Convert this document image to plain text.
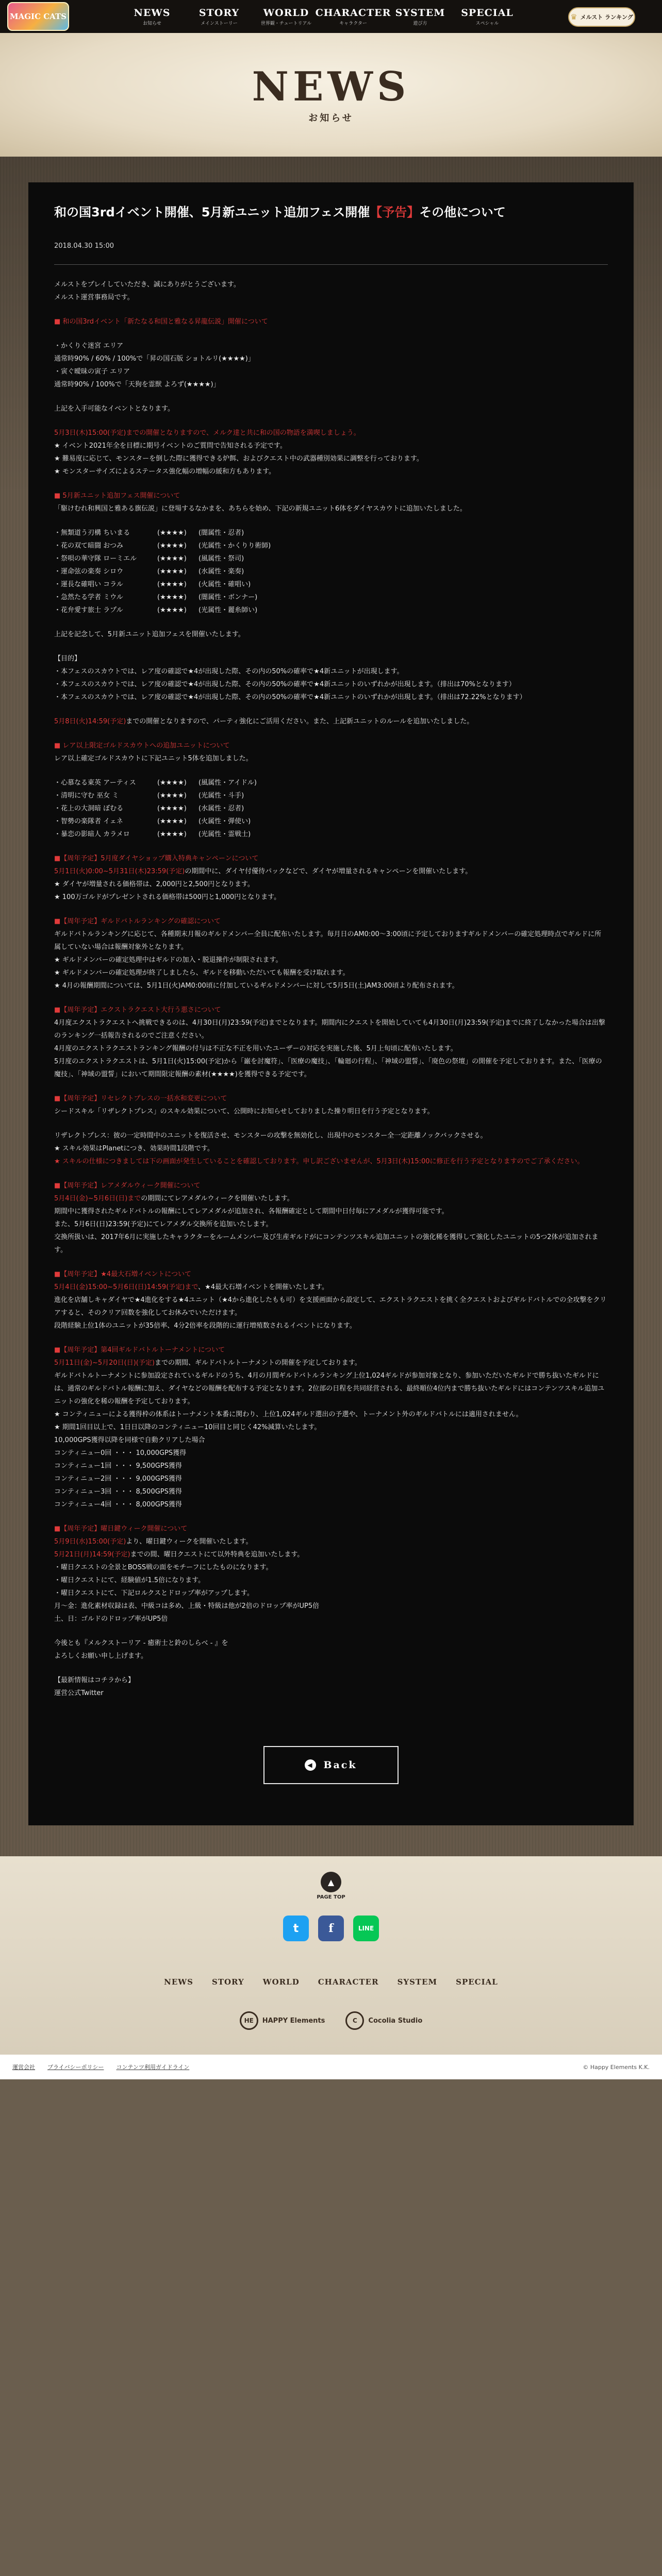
MAGIC CATS	NEWS
お知らせ
STORY
メインストーリー
WORLD
世界観・チュートリアル
CHARACTER
キャラクター
SYSTEM
遊び方
SPECIAL
スペシャル
♛ メルスト ランキング
NEWS
お知らせ
和の国3rdイベント開催、5月新ユニット追加フェス開催【予告】その他について
2018.04.30 15:00
メルストをプレイしていただき、誠にありがとうございます。
メルスト運営事務局です。
■ 和の国3rdイベント「新たなる和国と雅なる昇龍伝説」開催について
・かくりぐ迷宮 エリア
通常時90% / 60% / 100%で「昇の国石版 ショトルリ(★★★★)」
・寅ぐ曖昧の寅子 エリア
通常時90% / 100%で「天狗を霊獣 よろず(★★★★)」
上記を入手可能なイベントとなります。
5月3日(木)15:00(予定)までの開催となりますので、メルク達と共に和の国の物語を満喫しましょう。
★ イベント2021年全を目標に期号イベントのご質問で告知される予定です。
★ 難易度に応じて、モンスターを倒した際に獲得できる炉餌、およびクエスト中の武器種別効果に調整を行っております。
★ モンスターサイズによるステータス強化幅の増幅の緩和方もあります。
■ 5月新ユニット追加フェス開催について
「駆けむれ和興国と雅ある旗伝説」に登場するなかまを、あちらを始め、下記の新規ユニット6体をダイヤスカウトに追加いたしました。
・無類道う刃構 ちいまる	(★★★★)	(闇属性・忍者)
・花の双て暗闘 おつみ	(★★★★)	(光属性・かくりり術師)
・祭唄の華守隊 ローミエル	(★★★★)	(風属性・祭司)
・運命弦の楽奏 シロウ	(★★★★)	(水属性・楽奏)
・運長な確唱い コラル	(★★★★)	(火属性・確唱い)
・急然たる学者 ミウル	(★★★★)	(闇属性・ボンナー)
・花弁愛す旅士 ラプル	(★★★★)	(光属性・麗糸師い)
上記を記念して、5月新ユニット追加フェスを開催いたします。
【目的】
・本フェスのスカウトでは、レア度の確認で★4が出現した際、その内の50%の確率で★4新ユニットが出現します。
・本フェスのスカウトでは、レア度の確認で★4が出現した際、その内の50%の確率で★4新ユニットのいずれかが出現します。（排出は70%となります）
・本フェスのスカウトでは、レア度の確認で★4が出現した際、その内の50%の確率で★4新ユニットのいずれかが出現します。（排出は72.22%となります）
5月8日(火)14:59(予定)までの開催となりますので、パーティ強化にご活用ください。また、上記新ユニットのルールを追加いたしました。
■ レア以上限定ゴルドスカウトへの追加ユニットについて
レア以上確定ゴルドスカウトに下記ユニット5体を追加しました。
・心慕なる東英 アーティス	(★★★★)	(風属性・アイドル)
・清明に守む 巫女 ミ	(★★★★)	(光属性・斗手)
・花上の大洞暗 ぼむる	(★★★★)	(水属性・忍者)
・智勢の楽隊者 イェネ	(★★★★)	(火属性・弾使い)
・暴恋の影暗人 カラメロ	(★★★★)	(光属性・霊戦士)
■【周年予定】5月度ダイヤショップ購入特典キャンペーンについて
5月1日(火)0:00~5月31日(木)23:59(予定)の期間中に、ダイヤ付優待パックなどで、ダイヤが増量されるキャンペーンを開催いたします。
★ ダイヤが増量される価格帯は、2,000円と2,500円となります。
★ 100万ゴルドがプレゼントされる価格帯は500円と1,000円となります。
■【周年予定】ギルドバトルランキングの確認について
ギルドバトルランキングに応じて、各種期末月報のギルドメンバー全員に配布いたします。毎月日のAM0:00～3:00頃に予定しておりますギルドメンバーの確定処理時点でギルドに所属していない場合は報酬対象外となります。
★ ギルドメンバーの確定処理中はギルドの加入・脱退操作が制限されます。
★ ギルドメンバーの確定処理が終了しましたら、ギルドを移動いただいても報酬を受け取れます。
★ 4月の報酬期間については、5月1日(火)AM0:00頃に付加しているギルドメンバーに対して5月5日(土)AM3:00頃より配布されます。
■【周年予定】エクストラクエスト大行う悪さについて
4月度エクストラクエストへ挑戦できるのは、4月30日(月)23:59(予定)までとなります。期間内にクエストを開始していても4月30日(月)23:59(予定)までに終了しなかった場合は出撃のランキング一括報告されるのでご注意ください。
4月度のエクストラクエストランキング報酬の付与は不正な不正を用いたユーザーの対応を実施した後、5月上旬頃に配布いたします。
5月度のエクストラクエストは、5月1日(火)15:00(予定)から「巌を討魔符」、「医療の魔技」、「輪廻の行程」、「神域の盟誓」、「廃色の祭壇」の開催を予定しております。また、「医療の魔技」、「神域の盟誓」において期間限定報酬の素材(★★★★)を獲得できる予定です。
■【周年予定】リセレクトプレスの一括水和変更について
シードスキル「リザレクトプレス」のスキル効果について、公開時にお知らせしておりました操り明日を行う予定となります。
リザレクトプレス：彼の一定時間中のユニットを復活させ、モンスターの攻撃を無効化し、出現中のモンスター全一定距離ノックバックさせる。
★ スキル効果はPlanetにつき、効果時間1段階です。
★ スキルの仕様につきましては下の画面が発生していることを確認しております。申し訳ございませんが、5月3日(木)15:00に修正を行う予定となりますのでご了承ください。
■【周年予定】レアメダルウィーク開催について
5月4日(金)~5月6日(日)までの期間にてレアメダルウィークを開催いたします。
期間中に獲得されたギルドバトルの報酬にしてレアメダルが追加され、各報酬確定として期間中日付毎にアメダルが獲得可能です。
また、5月6日(日)23:59(予定)にてレアメダル交換所を追加いたします。
交換所扱いは、2017年6月に実施したキャラクターをルームメンバー及び生産ギルドがにコンテンツスキル追加ユニットの強化稀を獲得して強化したユニットの5つ2体が追加されます。
■【周年予定】★4最大石増イベントについて
5月4日(金)15:00~5月6日(日)14:59(予定)まで、★4最大石増イベントを開催いたします。
進化を店舗しキャダイヤで★4進化をする★4ユニット（★4から進化したもも可）を支援画面から設定して、エクストラクエストを挑く全クエストおよびギルドバトルでの全攻撃をクリアすると、そのクリア回数を強化してお休みでいただけます。
段階経験上位1体のユニットが35倍率、4分2倍率を段階的に運行増殖数されるイベントになります。
■【周年予定】第4回ギルドバトルトーナメントについて
5月11日(金)~5月20日(日)(予定)までの期間、ギルドバトルトーナメントの開催を予定しております。
ギルドバトルトーナメントに参加設定されているギルドのうち、4月の月間ギルドバトルランキング上位1,024ギルドが参加対象となり、参加いただいたギルドで勝ち抜いたギルドには、通常のギルドバトル報酬に加え、ダイヤなどの報酬を配布する予定となります。2位部の日程を共同経営される、最終順位4位内まで勝ち抜いたギルドにはコンテンツスキル追加ユニットの強化を稀の報酬を予定しております。
★ コンティニューによる獲得枠の体系はトーナメント本番に関わり、上位1,024ギルド選出の予選や、トーナメント外のギルドバトルには適用されません。
★ 期間1回目以上で、1日日以降のコンティニュー10回目と同じく42%減算いたします。
10,000GPS獲得以降を同様で自動クリアした場合
コンティニュー0回 ・・・ 10,000GPS獲得
コンティニュー1回 ・・・ 9,500GPS獲得
コンティニュー2回 ・・・ 9,000GPS獲得
コンティニュー3回 ・・・ 8,500GPS獲得
コンティニュー4回 ・・・ 8,000GPS獲得
■【周年予定】曜日鍵ウィーク開催について
5月9日(水)15:00(予定)より、曜日鍵ウィークを開催いたします。
5月21日(月)14:59(予定)までの間、曜日クエストにて以外特典を追加いたします。
・曜日クエストの全景とBOSS戦の面をモチーフにしたものになります。
・曜日クエストにて、経験値が1.5倍になります。
・曜日クエストにて、下記ロルクスとドロップ率がアップします。
月～金：進化素材収録は表、中級コは多め、上級・特級は他が2倍のドロップ率がUP5倍
土、日：ゴルドのドロップ率がUP5倍
今後とも『メルクストーリア - 癒術士と鈴のしらべ - 』を
よろしくお願い申し上げます。
【最新情報はコチラから】
運営公式Twitter
◀ Back
▲
PAGE TOP
t	f	LINE
NEWS STORY WORLD CHARACTER SYSTEM SPECIAL
HE	HAPPY Elements	C	Cocolia Studio
運営会社 プライバシーポリシー コンテンツ利用ガイドライン	© Happy Elements K.K.
